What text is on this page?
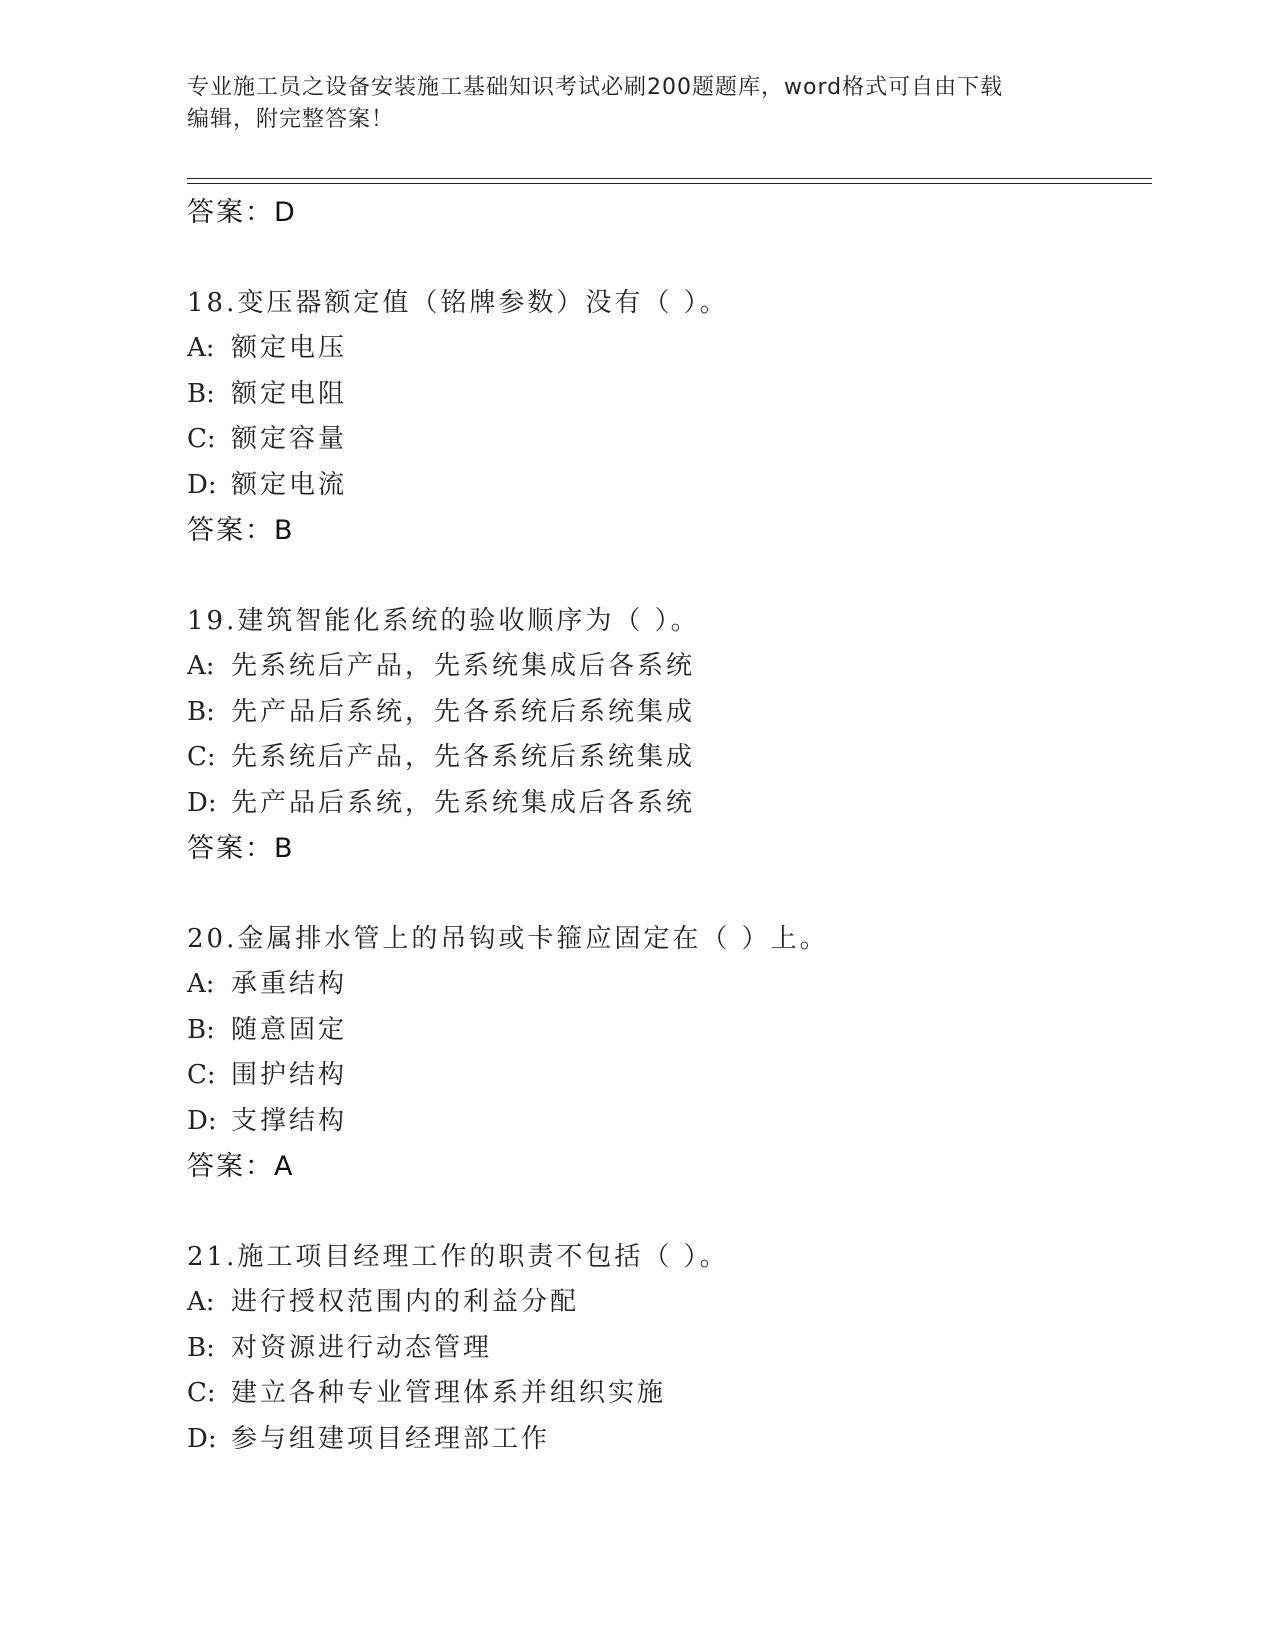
专业施工员之设备安装施工基础知识考试必刷200题题库，word格式可自由下载
编辑，附完整答案！
答案：D
18.变压器额定值（铭牌参数）没有（ ）。
A: 额定电压
B: 额定电阻
C: 额定容量
D: 额定电流
答案：B
19.建筑智能化系统的验收顺序为（ ）。
A: 先系统后产品，先系统集成后各系统
B: 先产品后系统，先各系统后系统集成
C: 先系统后产品，先各系统后系统集成
D: 先产品后系统，先系统集成后各系统
答案：B
20.金属排水管上的吊钩或卡箍应固定在（ ）上。
A: 承重结构
B: 随意固定
C: 围护结构
D: 支撑结构
答案：A
21.施工项目经理工作的职责不包括（ ）。
A: 进行授权范围内的利益分配
B: 对资源进行动态管理
C: 建立各种专业管理体系并组织实施
D: 参与组建项目经理部工作
